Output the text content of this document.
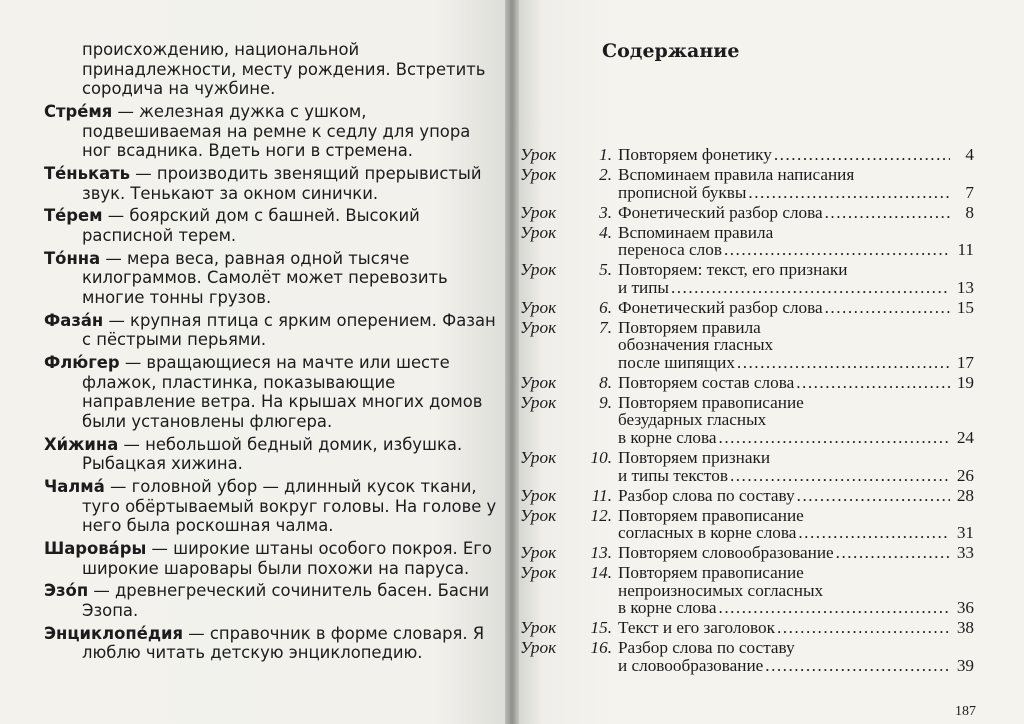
происхождению, национальной принадлежности, месту рождения. Встретить сородича на чужбине.
Стре́мя — железная дужка с ушком, подвешиваемая на ремне к седлу для упора ног всадника. Вдеть ноги в стремена.
Те́нькать — производить звенящий прерывистый звук. Тенькают за окном синички.
Те́рем — боярский дом с башней. Высокий расписной терем.
То́нна — мера веса, равная одной тысяче килограммов. Самолёт может перевозить многие тонны грузов.
Фаза́н — крупная птица с ярким оперением. Фазан с пёстрыми перьями.
Флю́гер — вращающиеся на мачте или шесте флажок, пластинка, показывающие направление ветра. На крышах многих домов были установлены флюгера.
Хи́жина — небольшой бедный домик, избушка. Рыбацкая хижина.
Чалма́ — головной убор — длинный кусок ткани, туго обёртываемый вокруг головы. На голове у него была роскошная чалма.
Шарова́ры — широкие штаны особого покроя. Его широкие шаровары были похожи на паруса.
Эзо́п — древнегреческий сочинитель басен. Басни Эзопа.
Энциклопе́дия — справочник в форме словаря. Я люблю читать детскую энциклопедию.
Содержание
Урок	1. Повторяем фонетику . . .	4
Урок	2. Вспоминаем правила написания
прописной буквы . . .	7
Урок	3. Фонетический разбор слова . . .	8
Урок	4. Вспоминаем правила
переноса слов . . .	11
Урок	5. Повторяем: текст, его признаки
и типы . . .	13
Урок	6. Фонетический разбор слова . . .	15
Урок	7. Повторяем правила
обозначения гласных
после шипящих . . .	17
Урок	8. Повторяем состав слова . . .	19
Урок	9. Повторяем правописание
безударных гласных
в корне слова . . .	24
Урок	10. Повторяем признаки
и типы текстов . . .	26
Урок	11. Разбор слова по составу . . .	28
Урок	12. Повторяем правописание
согласных в корне слова . . .	31
Урок	13. Повторяем словообразование . . .	33
Урок	14. Повторяем правописание
непроизносимых согласных
в корне слова . . .	36
Урок	15. Текст и его заголовок . . .	38
Урок	16. Разбор слова по составу
и словообразование . . .	39
187
